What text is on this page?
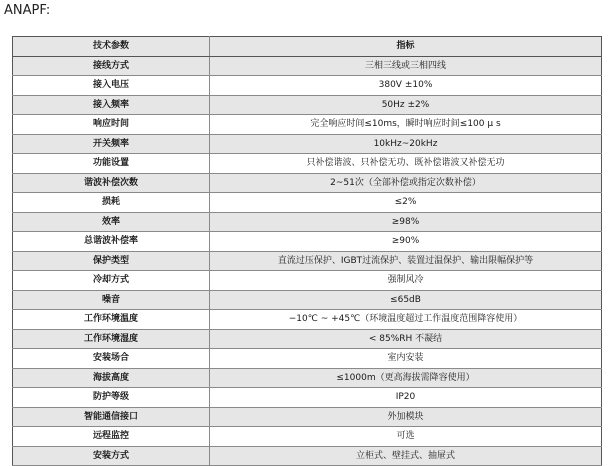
ANAPF:
技术参数	指标
接线方式	三相三线或三相四线
接入电压	380V ±10%
接入频率	50Hz ±2%
响应时间	完全响应时间≤10ms，瞬时响应时间≤100 μ s
开关频率	10kHz~20kHz
功能设置	只补偿谐波、只补偿无功、既补偿谐波又补偿无功
谐波补偿次数	2~51次（全部补偿或指定次数补偿）
损耗	≤2%
效率	≥98%
总谐波补偿率	≥90%
保护类型	直流过压保护、IGBT过流保护、装置过温保护、输出限幅保护等
冷却方式	强制风冷
噪音	≤65dB
工作环境温度	−10℃ ~ +45℃（环境温度超过工作温度范围降容使用）
工作环境湿度	< 85%RH 不凝结
安装场合	室内安装
海拔高度	≤1000m（更高海拔需降容使用）
防护等级	IP20
智能通信接口	外加模块
远程监控	可选
安装方式	立柜式、壁挂式、抽屉式
